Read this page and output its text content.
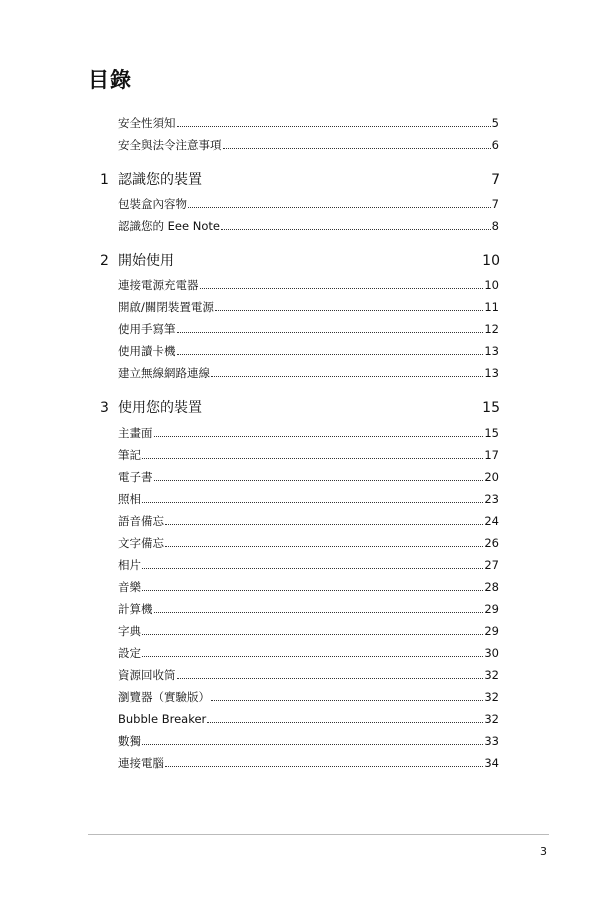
目錄
安全性須知	5
安全與法令注意事項	6
1 認識您的裝置	7
包裝盒內容物	7
認識您的 Eee Note	8
2 開始使用	10
連接電源充電器	10
開啟/關閉裝置電源	11
使用手寫筆	12
使用讀卡機	13
建立無線網路連線	13
3 使用您的裝置	15
主畫面	15
筆記	17
電子書	20
照相	23
語音備忘	24
文字備忘	26
相片	27
音樂	28
計算機	29
字典	29
設定	30
資源回收筒	32
瀏覽器（實驗版）	32
Bubble Breaker	32
數獨	33
連接電腦	34
3
